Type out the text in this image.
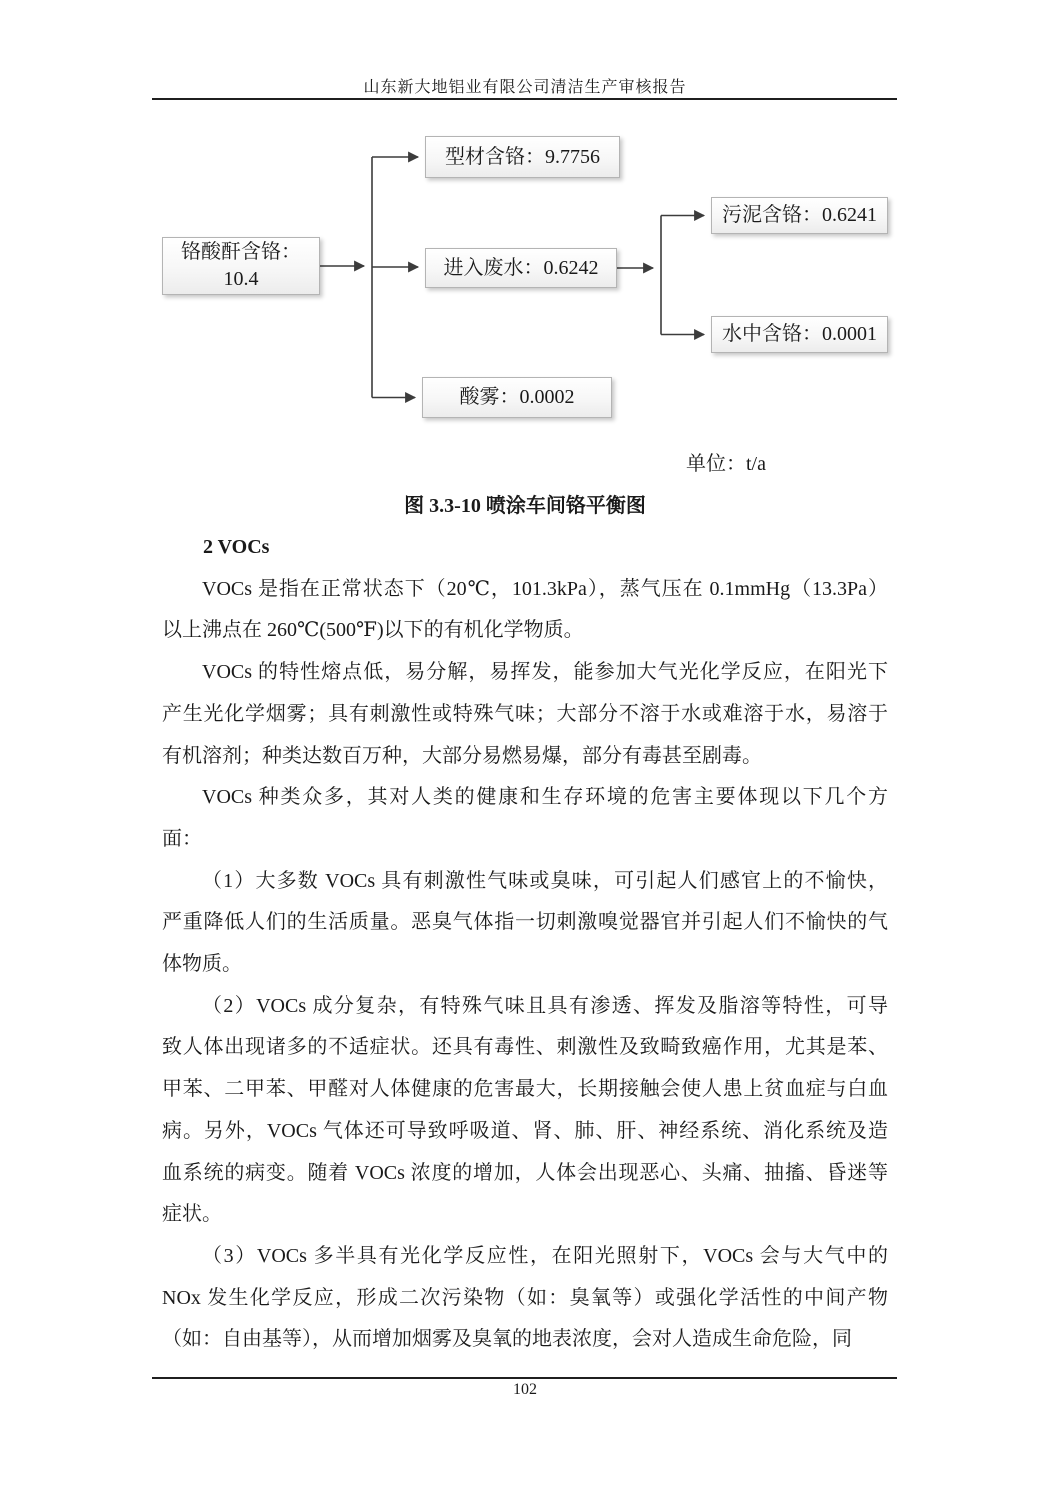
山东新大地铝业有限公司清洁生产审核报告
铬酸酐含铬：
10.4
型材含铬：9.7756
进入废水：0.6242
酸雾：0.0002
污泥含铬：0.6241
水中含铬：0.0001
单位：t/a
图 3.3-10 喷涂车间铬平衡图
2 VOCs
VOCs 是指在正常状态下（20℃，101.3kPa），蒸气压在 0.1mmHg（13.3Pa）
以上沸点在 260℃(500℉)以下的有机化学物质。
VOCs 的特性熔点低，易分解，易挥发，能参加大气光化学反应，在阳光下
产生光化学烟雾；具有刺激性或特殊气味；大部分不溶于水或难溶于水，易溶于
有机溶剂；种类达数百万种，大部分易燃易爆，部分有毒甚至剧毒。
VOCs 种类众多，其对人类的健康和生存环境的危害主要体现以下几个方
面：
（1）大多数 VOCs 具有刺激性气味或臭味，可引起人们感官上的不愉快，
严重降低人们的生活质量。恶臭气体指一切刺激嗅觉器官并引起人们不愉快的气
体物质。
（2）VOCs 成分复杂，有特殊气味且具有渗透、挥发及脂溶等特性，可导
致人体出现诸多的不适症状。还具有毒性、刺激性及致畸致癌作用，尤其是苯、
甲苯、二甲苯、甲醛对人体健康的危害最大，长期接触会使人患上贫血症与白血
病。另外，VOCs 气体还可导致呼吸道、肾、肺、肝、神经系统、消化系统及造
血系统的病变。随着 VOCs 浓度的增加，人体会出现恶心、头痛、抽搐、昏迷等
症状。
（3）VOCs 多半具有光化学反应性，在阳光照射下，VOCs 会与大气中的
NOx 发生化学反应，形成二次污染物（如：臭氧等）或强化学活性的中间产物
（如：自由基等），从而增加烟雾及臭氧的地表浓度，会对人造成生命危险，同
102
